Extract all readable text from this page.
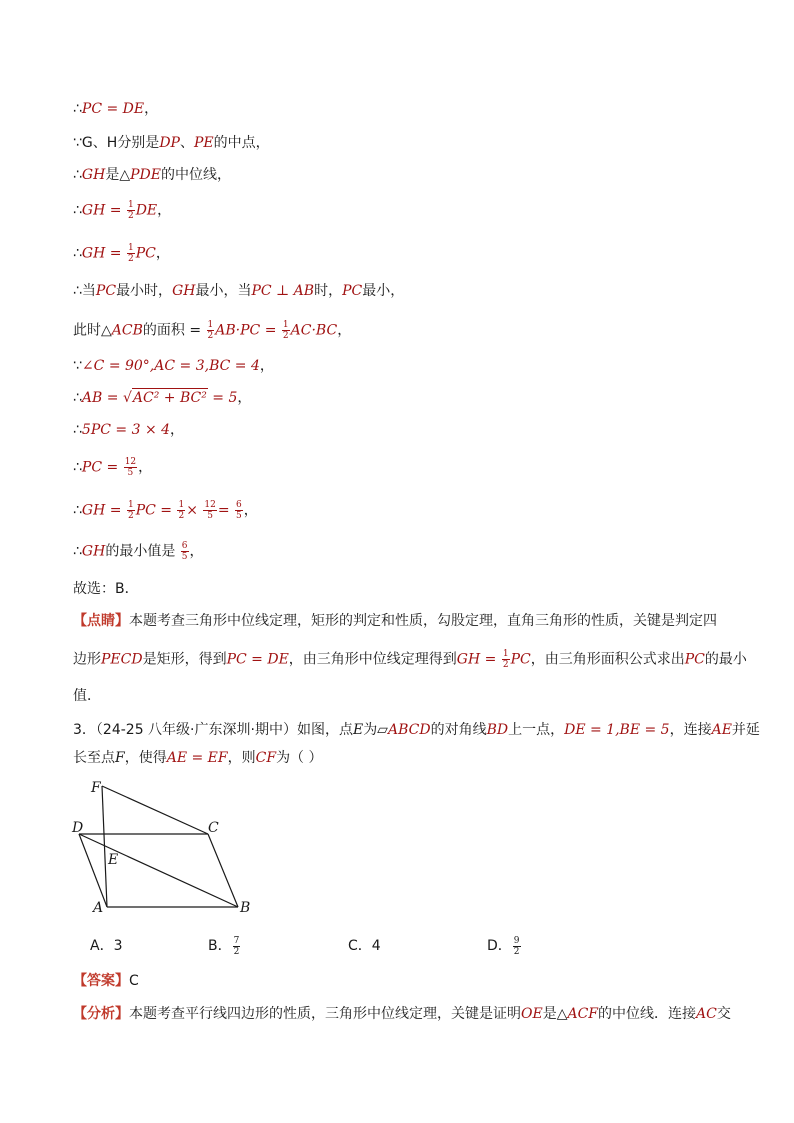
∴PC = DE，
∵G、H分别是DP、PE的中点，
∴GH是△PDE的中位线，
∴GH = $\frac{1}{2}$ DE，
∴GH = $\frac{1}{2}$ PC，
∴当PC最小时，GH最小，当PC ⊥ AB时，PC最小，
此时△ACB的面积 = $\frac{1}{2} AB\cdot PC = \frac{1}{2} AC\cdot BC$，
∵∠C = 90°,AC = 3,BC = 4，
∴AB = √AC² + BC² = 5，
∴5PC = 3 × 4，
∴PC = $\frac{12}{5}$ ，
∴GH = $\frac{1}{2}$ PC = $\frac{1}{2} \times \frac{12}{5} = \frac{6}{5}$ ，
∴GH的最小值是 $\frac{6}{5}$ ，
故选：B．
【点睛】本题考查三角形中位线定理，矩形的判定和性质，勾股定理，直角三角形的性质，关键是判定四
边形PECD是矩形，得到PC = DE，由三角形中位线定理得到GH = $\frac{1}{2}$ PC，由三角形面积公式求出PC的最小
值．
3．（24-25 八年级·广东深圳·期中）如图，点E为▱ABCD的对角线BD上一点，DE = 1,BE = 5，连接AE并延
长至点F，使得AE = EF，则CF为（ ）
F
D	C
E
A	B
A．3	B． $\frac{7}{2}$	C．4	D． $\frac{9}{2}$
【答案】C
【分析】本题考查平行线四边形的性质，三角形中位线定理，关键是证明OE是△ACF的中位线．连接AC交
